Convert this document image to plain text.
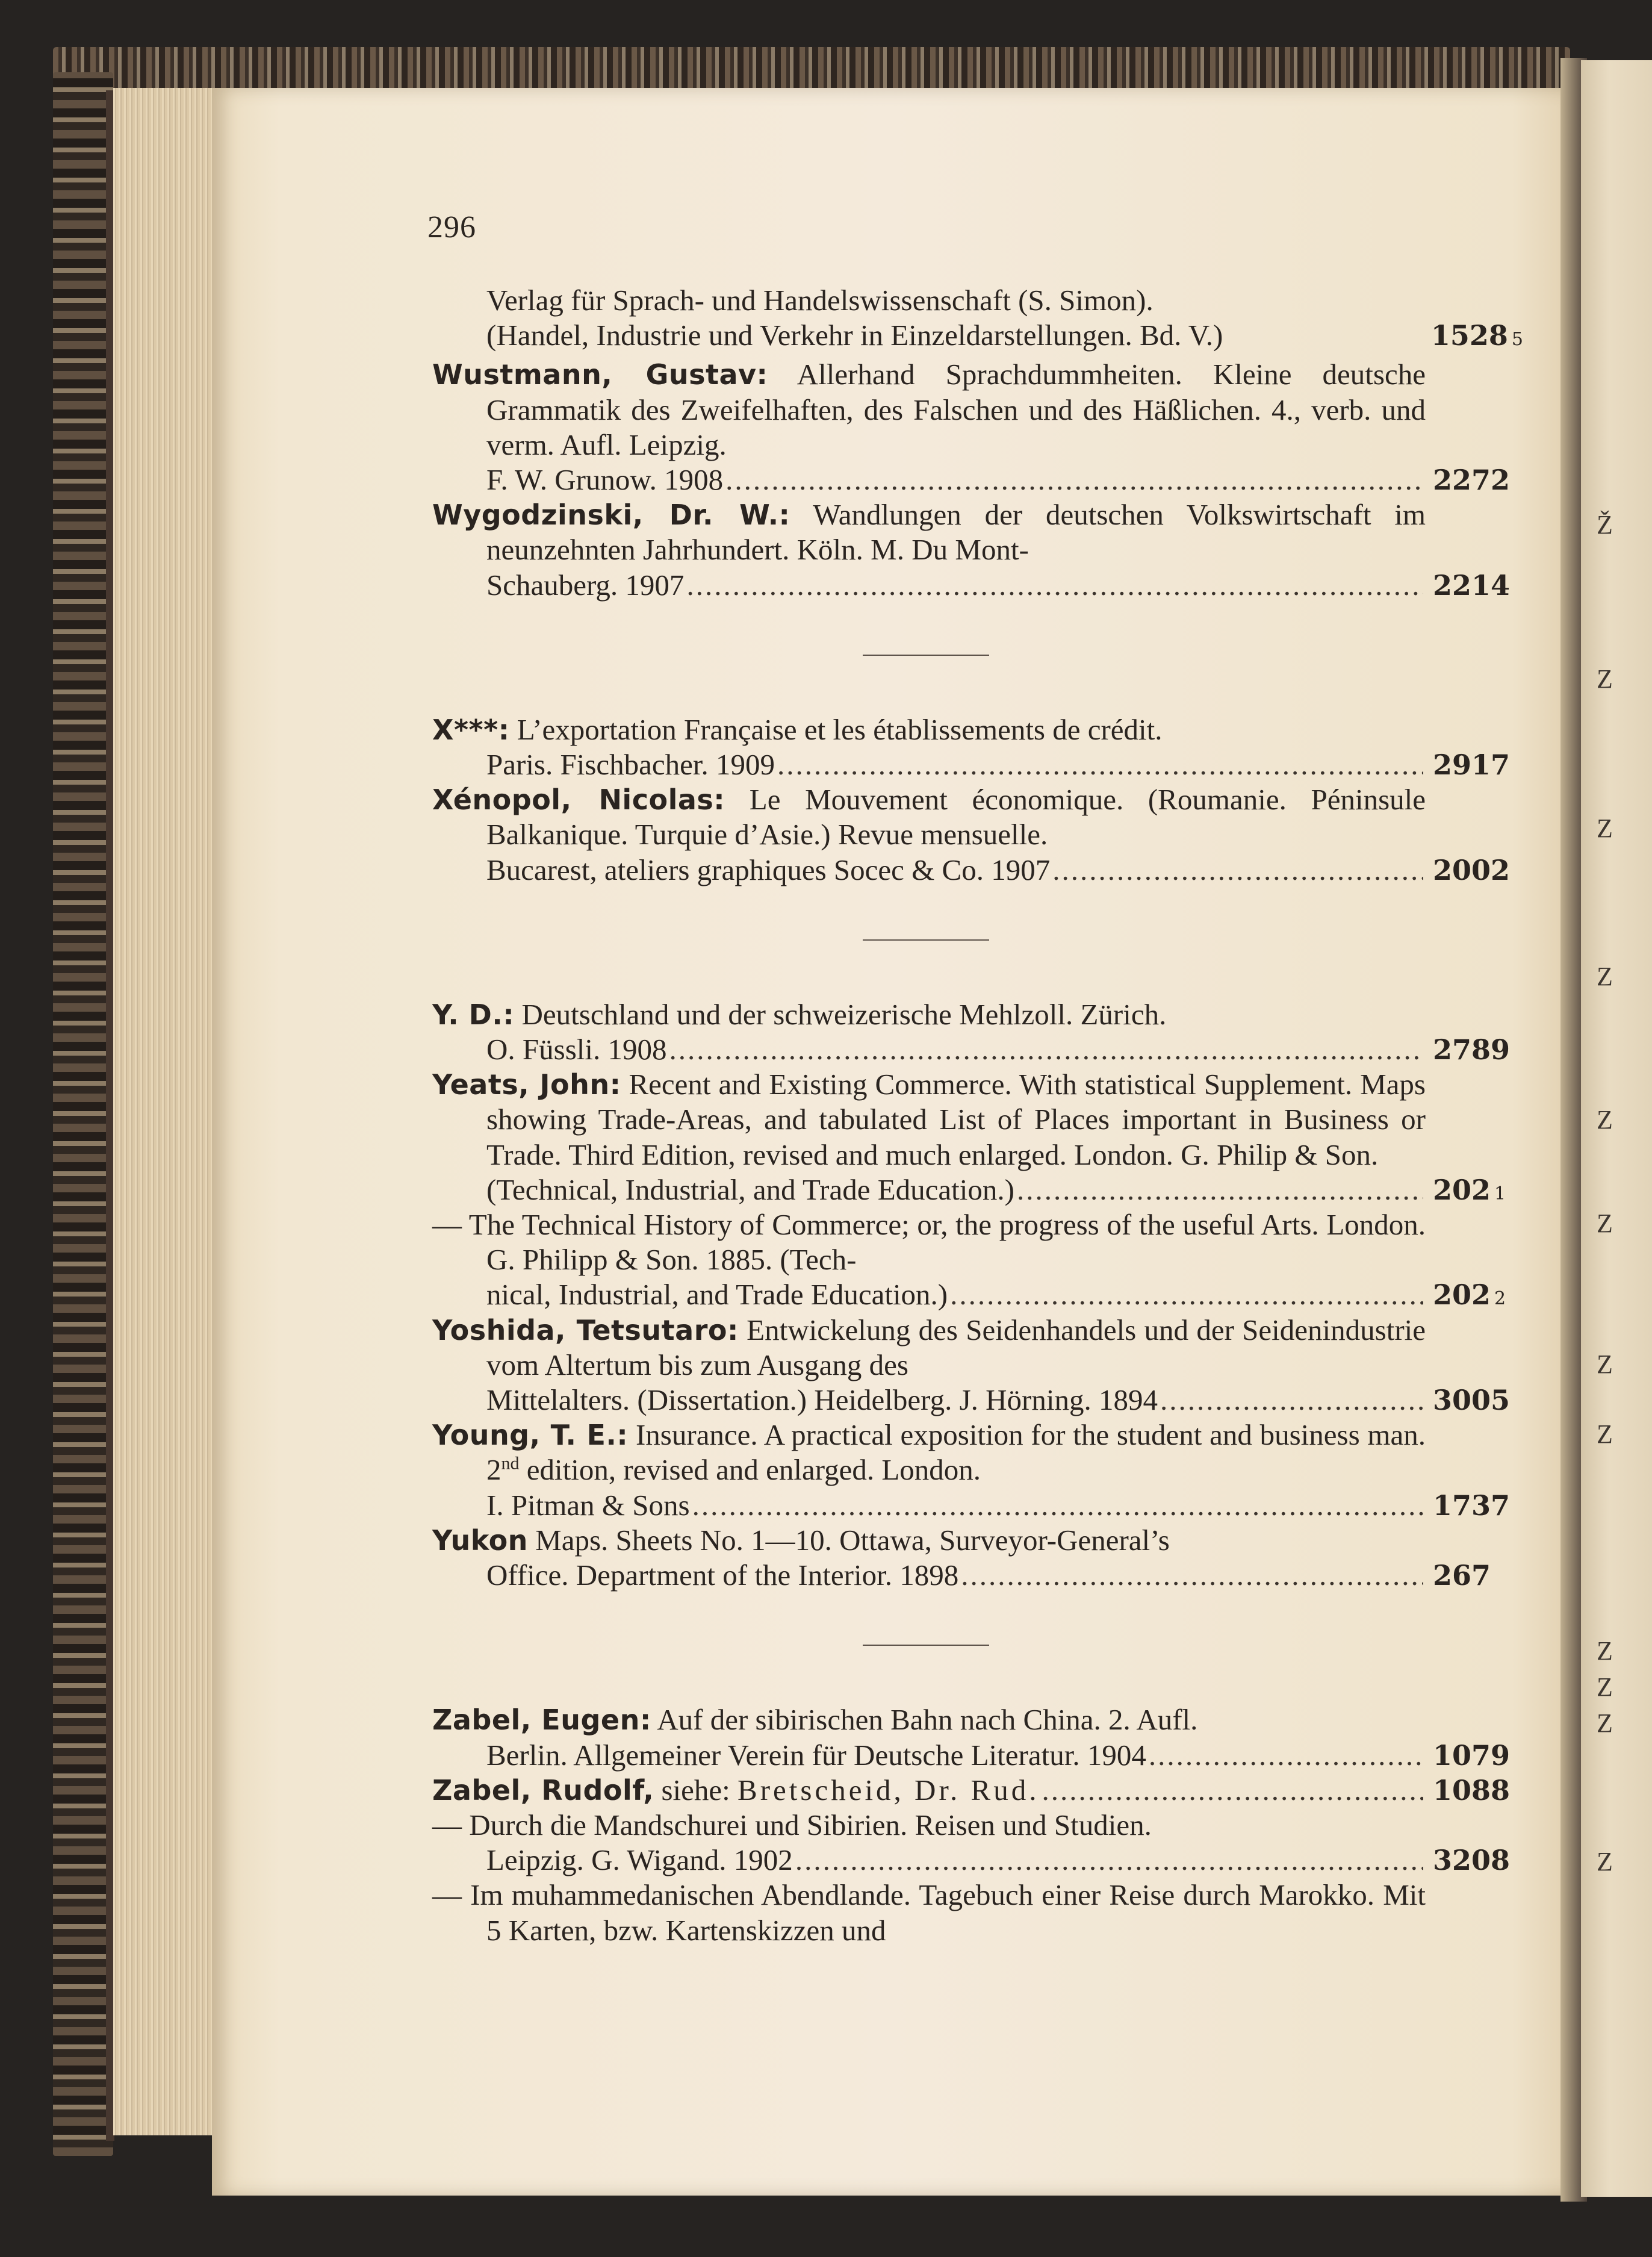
Ž
Z
Z
Z
Z
Z
Z
Z
Z
Z
Z
Z
296

Verlag für Sprach- und Handelswissenschaft (S. Simon).
(Handel, Industrie und Verkehr in Einzeldarstellungen. Bd. V.)	1528 5

Wustmann, Gustav: Allerhand Sprachdummheiten. Kleine deutsche Grammatik des Zweifelhaften, des Falschen und des Häßlichen. 4., verb. und verm. Aufl. Leipzig.
F. W. Grunow. 1908 .....	2272

Wygodzinski, Dr. W.: Wandlungen der deutschen Volkswirtschaft im neunzehnten Jahrhundert. Köln. M. Du Mont-
Schauberg. 1907 .....	2214

X***: L’exportation Française et les établissements de crédit.
Paris. Fischbacher. 1909 .....	2917

Xénopol, Nicolas: Le Mouvement économique. (Roumanie. Péninsule Balkanique. Turquie d’Asie.) Revue mensuelle.
Bucarest, ateliers graphiques Socec & Co. 1907 .....	2002

Y. D.: Deutschland und der schweizerische Mehlzoll. Zürich.
O. Füssli. 1908 .....	2789

Yeats, John: Recent and Existing Commerce. With statistical Supplement. Maps showing Trade-Areas, and tabulated List of Places important in Business or Trade. Third Edition, revised and much enlarged. London. G. Philip & Son.
(Technical, Industrial, and Trade Education.) .....	202 1

— The Technical History of Commerce; or, the progress of the useful Arts. London. G. Philipp & Son. 1885. (Tech-
nical, Industrial, and Trade Education.) .....	202 2

Yoshida, Tetsutaro: Entwickelung des Seidenhandels und der Seidenindustrie vom Altertum bis zum Ausgang des
Mittelalters. (Dissertation.) Heidelberg. J. Hörning. 1894 .....	3005

Young, T. E.: Insurance. A practical exposition for the student and business man. 2nd edition, revised and enlarged. London.
I. Pitman & Sons .....	1737

Yukon Maps. Sheets No. 1—10. Ottawa, Surveyor-General’s
Office. Department of the Interior. 1898 .....	267

Zabel, Eugen: Auf der sibirischen Bahn nach China. 2. Aufl.
Berlin. Allgemeiner Verein für Deutsche Literatur. 1904 .....	1079

Zabel, Rudolf, siehe: Bretscheid, Dr. Rud. .....	1088

— Durch die Mandschurei und Sibirien. Reisen und Studien.
Leipzig. G. Wigand. 1902 .....	3208

— Im muhammedanischen Abendlande. Tagebuch einer Reise durch Marokko. Mit 5 Karten, bzw. Kartenskizzen und
